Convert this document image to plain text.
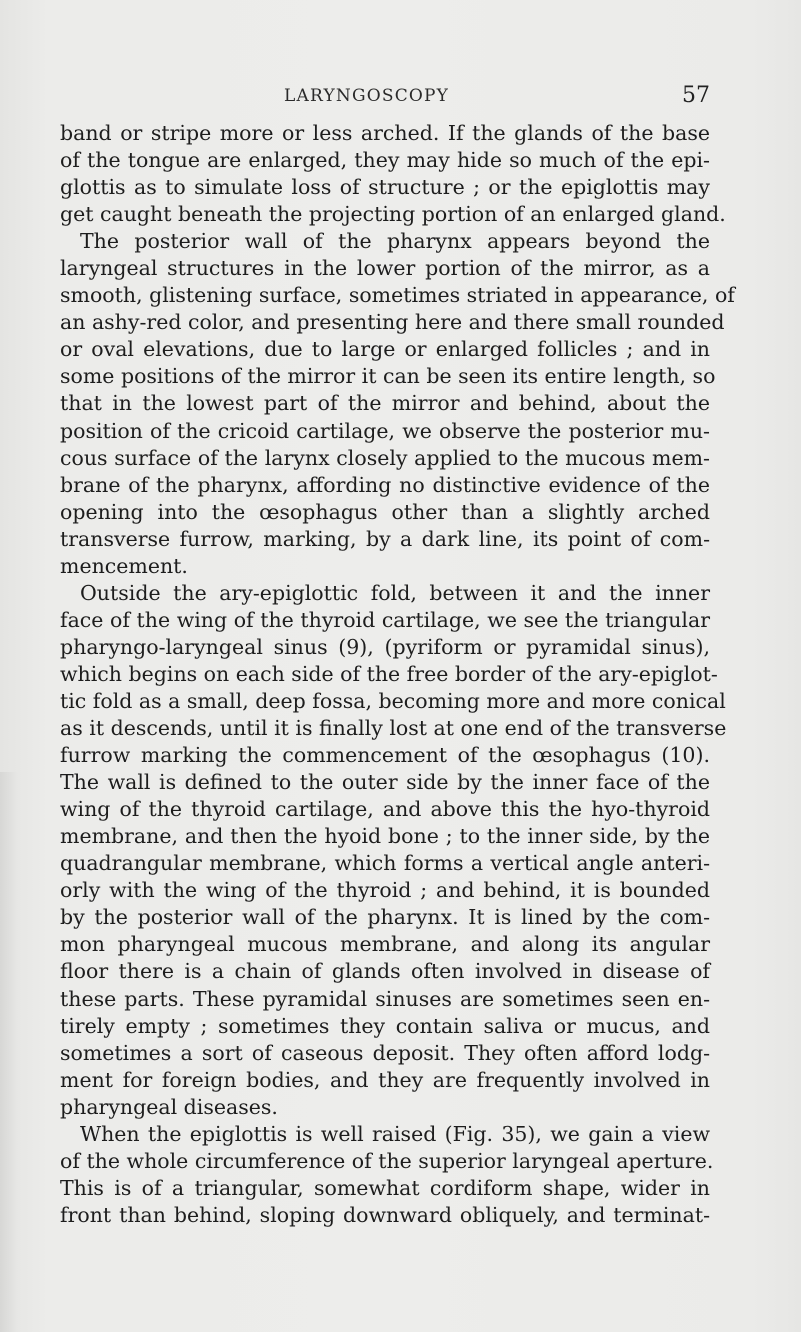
LARYNGOSCOPY	57
band or stripe more or less arched. If the glands of the base
of the tongue are enlarged, they may hide so much of the epi-
glottis as to simulate loss of structure ; or the epiglottis may
get caught beneath the projecting portion of an enlarged gland.
The posterior wall of the pharynx appears beyond the
laryngeal structures in the lower portion of the mirror, as a
smooth, glistening surface, sometimes striated in appearance, of
an ashy-red color, and presenting here and there small rounded
or oval elevations, due to large or enlarged follicles ; and in
some positions of the mirror it can be seen its entire length, so
that in the lowest part of the mirror and behind, about the
position of the cricoid cartilage, we observe the posterior mu-
cous surface of the larynx closely applied to the mucous mem-
brane of the pharynx, affording no distinctive evidence of the
opening into the œsophagus other than a slightly arched
transverse furrow, marking, by a dark line, its point of com-
mencement.
Outside the ary-epiglottic fold, between it and the inner
face of the wing of the thyroid cartilage, we see the triangular
pharyngo-laryngeal sinus (9), (pyriform or pyramidal sinus),
which begins on each side of the free border of the ary-epiglot-
tic fold as a small, deep fossa, becoming more and more conical
as it descends, until it is finally lost at one end of the transverse
furrow marking the commencement of the œsophagus (10).
The wall is defined to the outer side by the inner face of the
wing of the thyroid cartilage, and above this the hyo-thyroid
membrane, and then the hyoid bone ; to the inner side, by the
quadrangular membrane, which forms a vertical angle anteri-
orly with the wing of the thyroid ; and behind, it is bounded
by the posterior wall of the pharynx. It is lined by the com-
mon pharyngeal mucous membrane, and along its angular
floor there is a chain of glands often involved in disease of
these parts. These pyramidal sinuses are sometimes seen en-
tirely empty ; sometimes they contain saliva or mucus, and
sometimes a sort of caseous deposit. They often afford lodg-
ment for foreign bodies, and they are frequently involved in
pharyngeal diseases.
When the epiglottis is well raised (Fig. 35), we gain a view
of the whole circumference of the superior laryngeal aperture.
This is of a triangular, somewhat cordiform shape, wider in
front than behind, sloping downward obliquely, and terminat-
